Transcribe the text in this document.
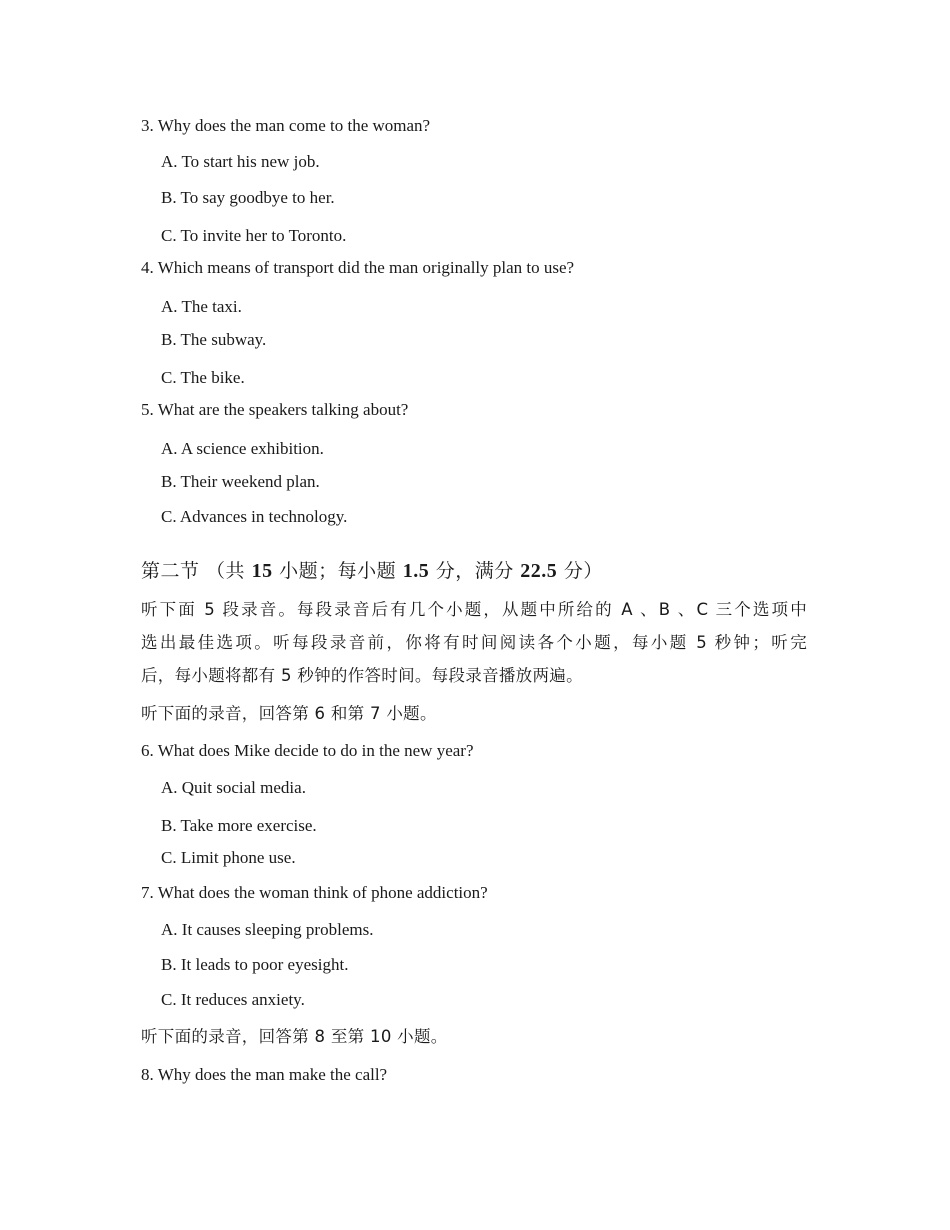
3. Why does the man come to the woman?
A. To start his new job.
B. To say goodbye to her.
C. To invite her to Toronto.
4. Which means of transport did the man originally plan to use?
A. The taxi.
B. The subway.
C. The bike.
5. What are the speakers talking about?
A. A science exhibition.
B. Their weekend plan.
C. Advances in technology.
第二节 （共 15 小题；每小题 1.5 分，满分 22.5 分）
听下面 5 段录音。每段录音后有几个小题，从题中所给的 A 、B 、C 三个选项中
选出最佳选项。听每段录音前，你将有时间阅读各个小题，每小题 5 秒钟；听完
后，每小题将都有 5 秒钟的作答时间。每段录音播放两遍。
听下面的录音，回答第 6 和第 7 小题。
6. What does Mike decide to do in the new year?
A. Quit social media.
B. Take more exercise.
C. Limit phone use.
7. What does the woman think of phone addiction?
A. It causes sleeping problems.
B. It leads to poor eyesight.
C. It reduces anxiety.
听下面的录音，回答第 8 至第 10 小题。
8. Why does the man make the call?
